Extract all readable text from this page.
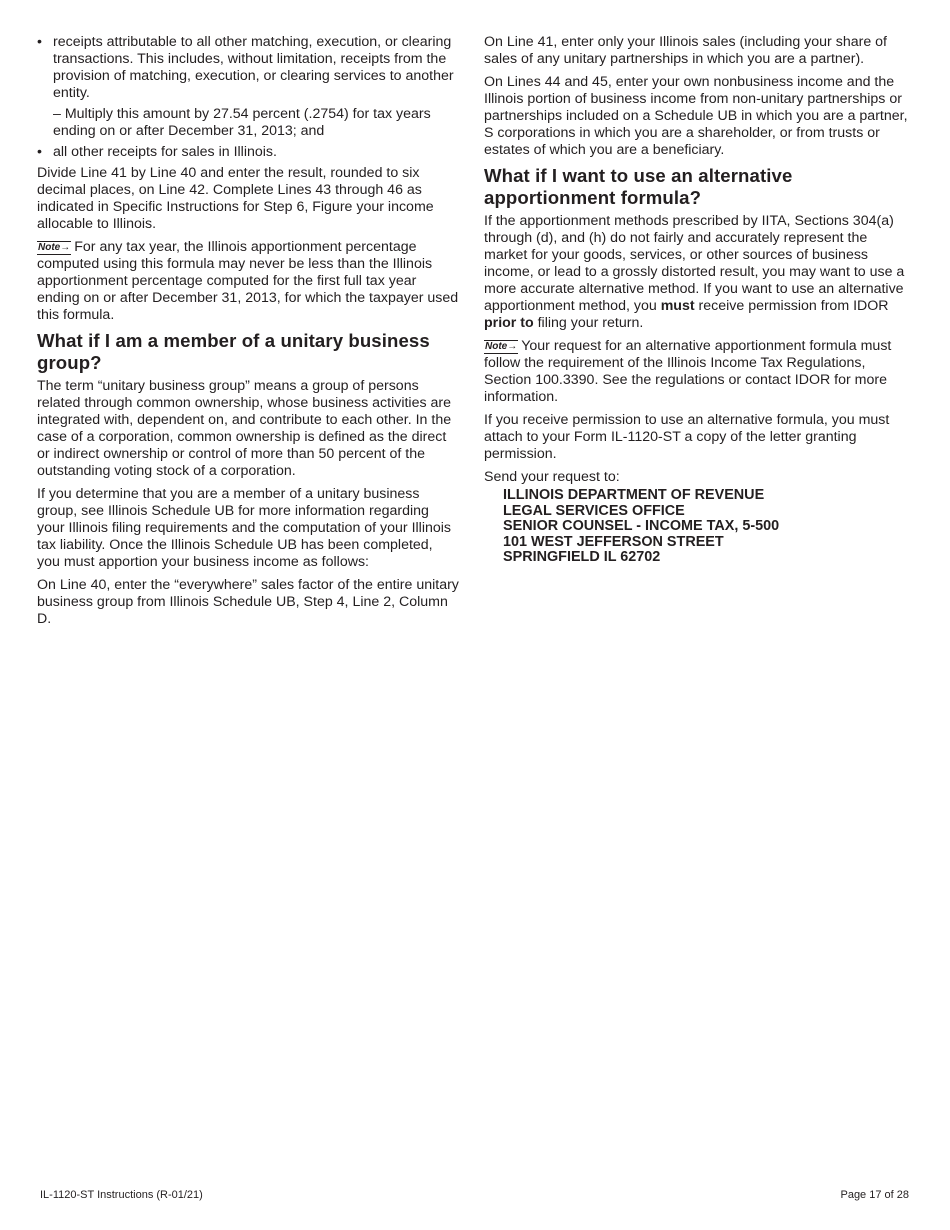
• receipts attributable to all other matching, execution, or clearing transactions. This includes, without limitation, receipts from the provision of matching, execution, or clearing services to another entity.
– Multiply this amount by 27.54 percent (.2754) for tax years ending on or after December 31, 2013; and
• all other receipts for sales in Illinois.

Divide Line 41 by Line 40 and enter the result, rounded to six decimal places, on Line 42. Complete Lines 43 through 46 as indicated in Specific Instructions for Step 6, Figure your income allocable to Illinois.

Note→ For any tax year, the Illinois apportionment percentage computed using this formula may never be less than the Illinois apportionment percentage computed for the first full tax year ending on or after December 31, 2013, for which the taxpayer used this formula.

What if I am a member of a unitary business group?

The term “unitary business group” means a group of persons related through common ownership, whose business activities are integrated with, dependent on, and contribute to each other. In the case of a corporation, common ownership is defined as the direct or indirect ownership or control of more than 50 percent of the outstanding voting stock of a corporation.

If you determine that you are a member of a unitary business group, see Illinois Schedule UB for more information regarding your Illinois filing requirements and the computation of your Illinois tax liability. Once the Illinois Schedule UB has been completed, you must apportion your business income as follows:

On Line 40, enter the “everywhere” sales factor of the entire unitary business group from Illinois Schedule UB, Step 4, Line 2, Column D.

On Line 41, enter only your Illinois sales (including your share of sales of any unitary partnerships in which you are a partner).

On Lines 44 and 45, enter your own nonbusiness income and the Illinois portion of business income from non-unitary partnerships or partnerships included on a Schedule UB in which you are a partner, S corporations in which you are a shareholder, or from trusts or estates of which you are a beneficiary.

What if I want to use an alternative apportionment formula?

If the apportionment methods prescribed by IITA, Sections 304(a) through (d), and (h) do not fairly and accurately represent the market for your goods, services, or other sources of business income, or lead to a grossly distorted result, you may want to use a more accurate alternative method. If you want to use an alternative apportionment method, you must receive permission from IDOR prior to filing your return.

Note→ Your request for an alternative apportionment formula must follow the requirement of the Illinois Income Tax Regulations, Section 100.3390. See the regulations or contact IDOR for more information.

If you receive permission to use an alternative formula, you must attach to your Form IL-1120-ST a copy of the letter granting permission.

Send your request to:

ILLINOIS DEPARTMENT OF REVENUE
LEGAL SERVICES OFFICE
SENIOR COUNSEL - INCOME TAX, 5-500
101 WEST JEFFERSON STREET
SPRINGFIELD IL 62702
IL-1120-ST Instructions (R-01/21)	Page 17 of 28
